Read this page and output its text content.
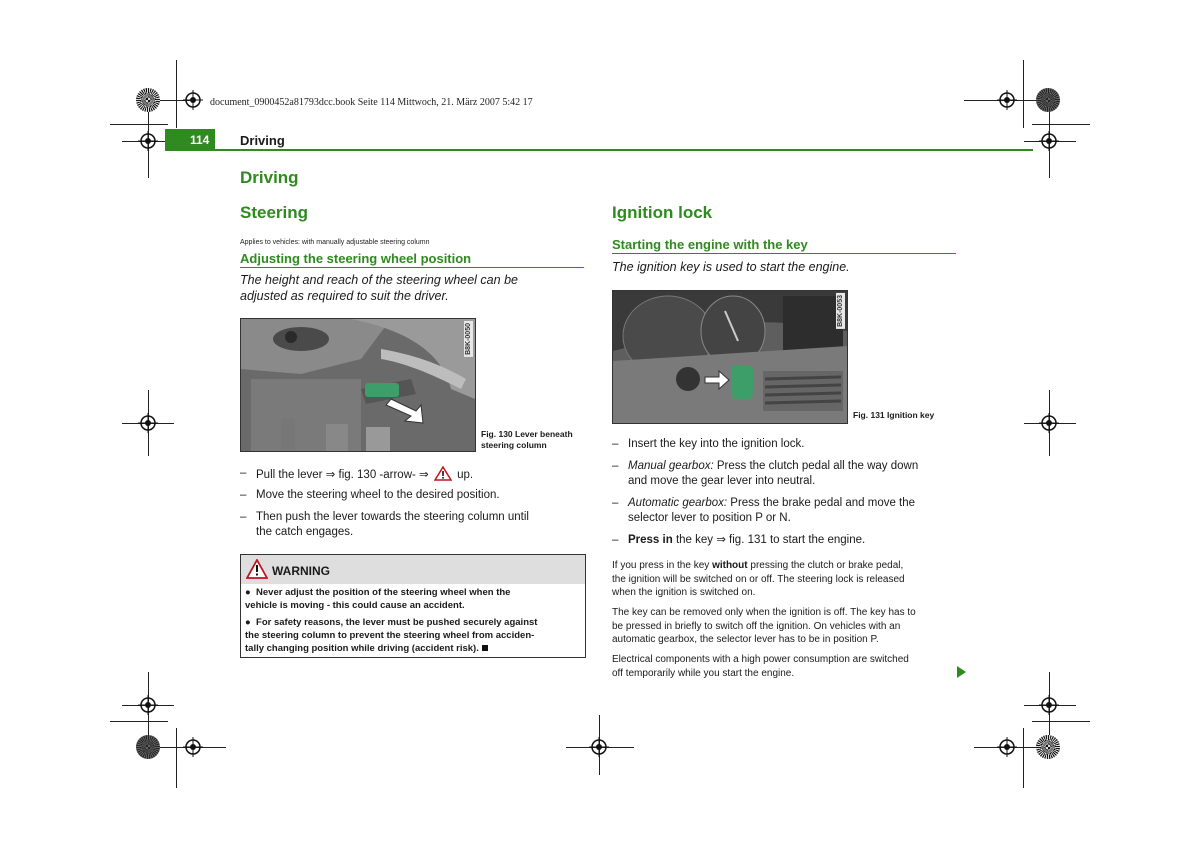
document_0900452a81793dcc.book Seite 114 Mittwoch, 21. März 2007 5:42 17
114 Driving
Driving
Steering
Applies to vehicles: with manually adjustable steering column
Adjusting the steering wheel position
The height and reach of the steering wheel can be
adjusted as required to suit the driver.
B8K-0050
Fig. 130 Lever beneath
steering column
– Pull the lever ⇒ fig. 130 -arrow- ⇒ up.
– Move the steering wheel to the desired position.
– Then push the lever towards the steering column until
the catch engages.
WARNING
●  Never adjust the position of the steering wheel when the
vehicle is moving - this could cause an accident.
●  For safety reasons, the lever must be pushed securely against
the steering column to prevent the steering wheel from acciden-
tally changing position while driving (accident risk).
Ignition lock
Starting the engine with the key
The ignition key is used to start the engine.
B8K-0053
Fig. 131 Ignition key
– Insert the key into the ignition lock.
– Manual gearbox: Press the clutch pedal all the way down
and move the gear lever into neutral.
– Automatic gearbox: Press the brake pedal and move the
selector lever to position P or N.
– Press in the key ⇒ fig. 131 to start the engine.
If you press in the key without pressing the clutch or brake pedal,
the ignition will be switched on or off. The steering lock is released
when the ignition is switched on.
The key can be removed only when the ignition is off. The key has to
be pressed in briefly to switch off the ignition. On vehicles with an
automatic gearbox, the selector lever has to be in position P.
Electrical components with a high power consumption are switched
off temporarily while you start the engine.
